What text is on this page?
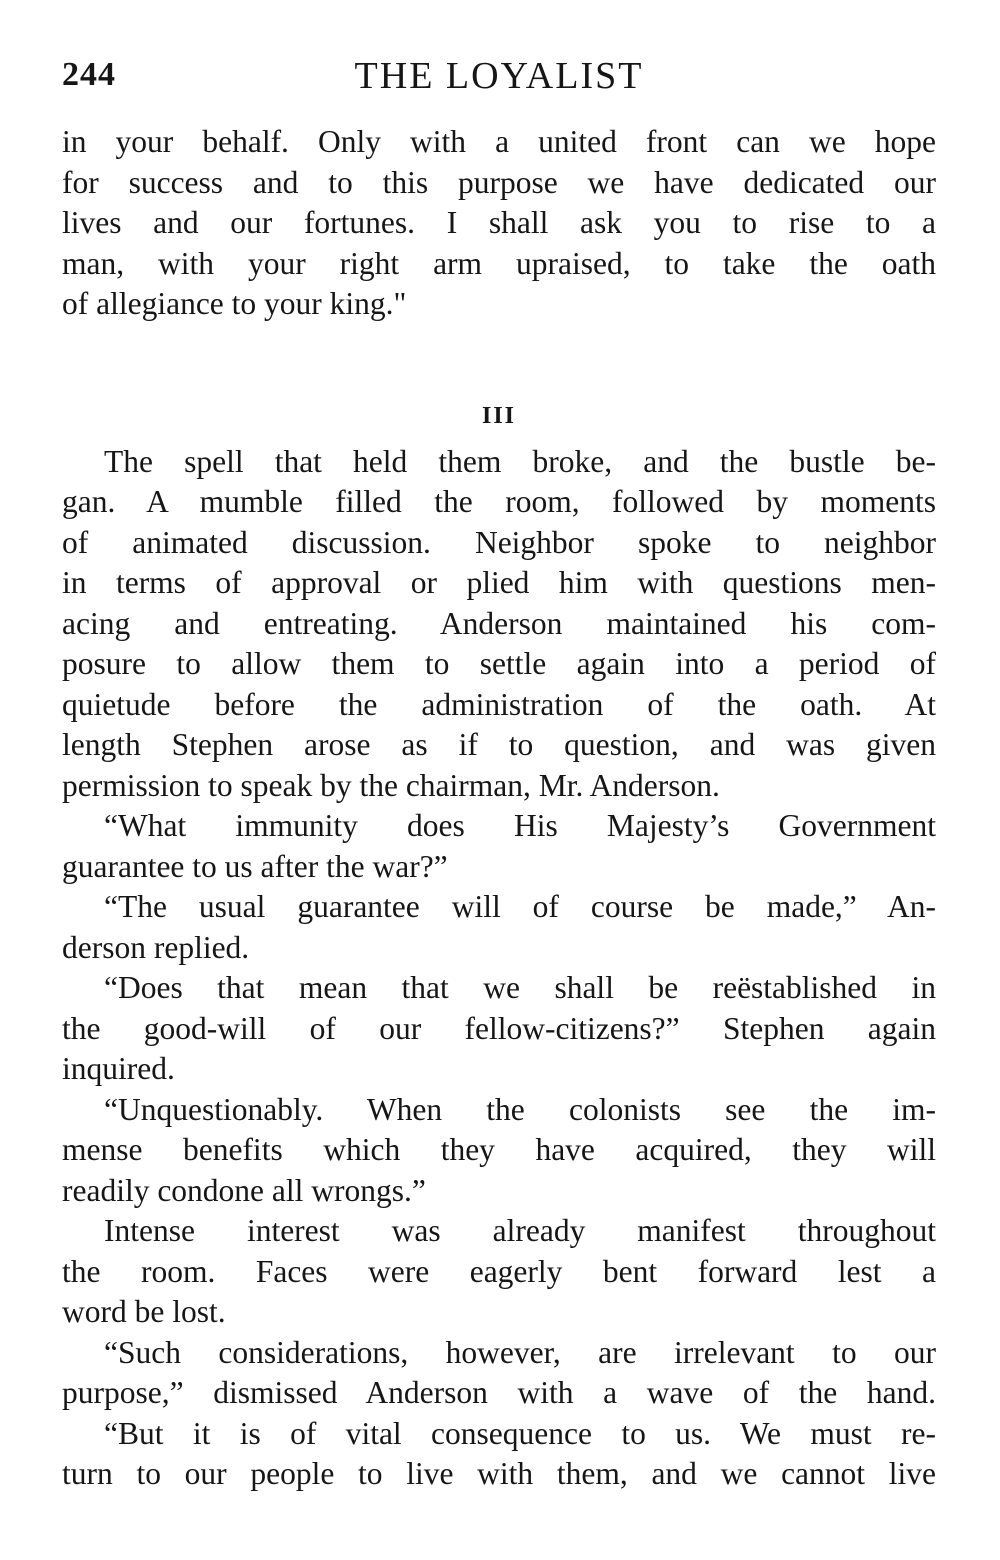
244	THE LOYALIST
in your behalf. Only with a united front can we hope
for success and to this purpose we have dedicated our
lives and our fortunes. I shall ask you to rise to a
man, with your right arm upraised, to take the oath
of allegiance to your king."
III
The spell that held them broke, and the bustle be-
gan. A mumble filled the room, followed by moments
of animated discussion. Neighbor spoke to neighbor
in terms of approval or plied him with questions men-
acing and entreating. Anderson maintained his com-
posure to allow them to settle again into a period of
quietude before the administration of the oath. At
length Stephen arose as if to question, and was given
permission to speak by the chairman, Mr. Anderson.
“What immunity does His Majesty’s Government
guarantee to us after the war?”
“The usual guarantee will of course be made,” An-
derson replied.
“Does that mean that we shall be reëstablished in
the good-will of our fellow-citizens?” Stephen again
inquired.
“Unquestionably. When the colonists see the im-
mense benefits which they have acquired, they will
readily condone all wrongs.”
Intense interest was already manifest throughout
the room. Faces were eagerly bent forward lest a
word be lost.
“Such considerations, however, are irrelevant to our
purpose,” dismissed Anderson with a wave of the hand.
“But it is of vital consequence to us. We must re-
turn to our people to live with them, and we cannot live
